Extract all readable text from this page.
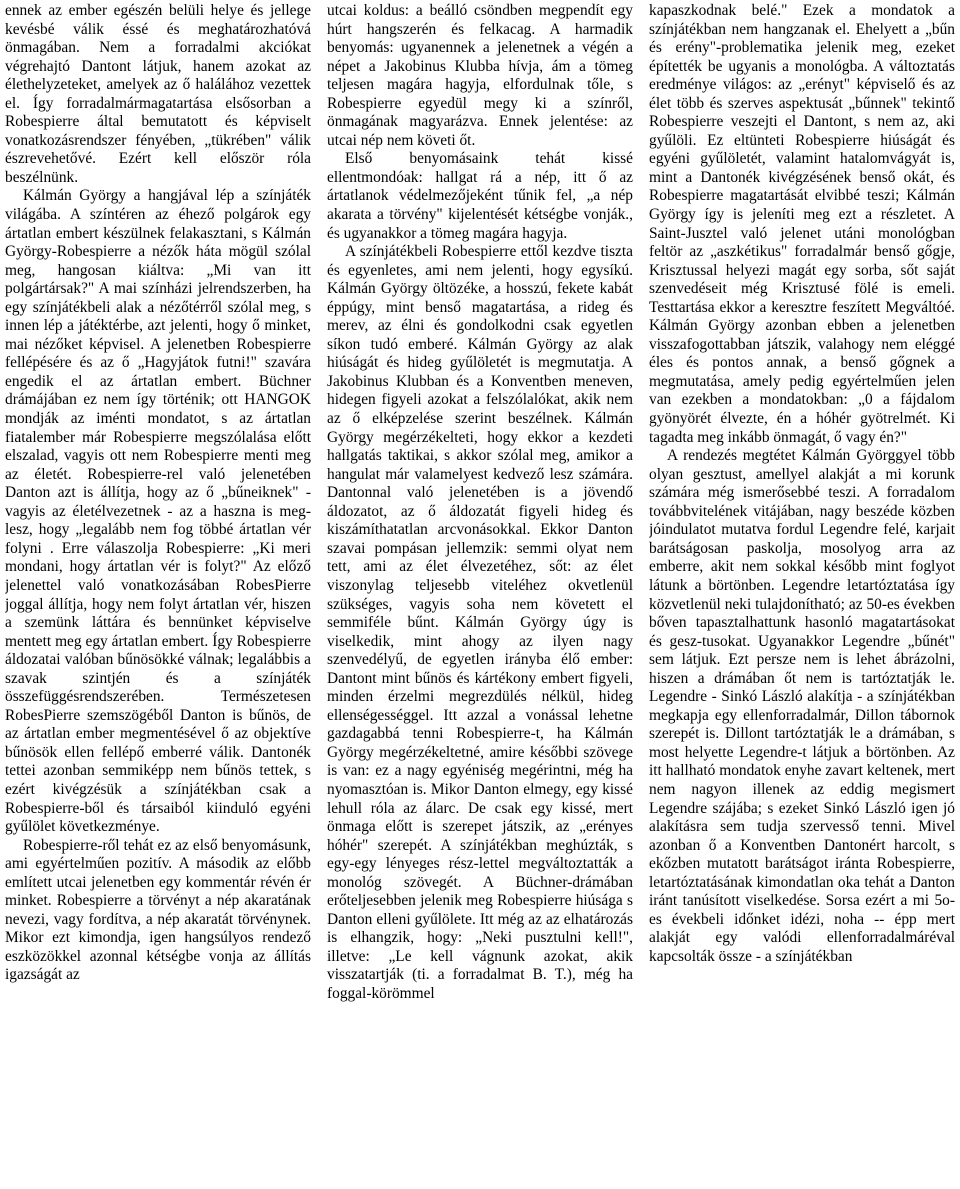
ennek az ember egészén belüli helye és jellege kevésbé válik éssé és meghatározhatóvá önmagában. Nem a forradalmi akciókat végrehajtó Dantont látjuk, hanem azokat az élethelyzeteket, amelyek az ő halálához vezettek el. Így forradalmármagatartása elsősorban a Robespierre által bemutatott és képviselt vonatkozásrendszer fényében, „tükrében" válik észrevehetővé. Ezért kell először róla beszélnünk.

Kálmán György a hangjával lép a színjáték világába. A színtéren az éhező polgárok egy ártatlan embert készülnek felakasztani, s Kálmán György-Robespierre a nézők háta mögül szólal meg, hangosan kiáltva: „Mi van itt polgártársak?" A mai színházi jelrendszerben, ha egy színjátékbeli alak a nézőtérről szólal meg, s innen lép a játéktérbe, azt jelenti, hogy ő minket, mai nézőket képvisel. A jelenetben Robespierre fellépésére és az ő „Hagyjátok futni!" szavára engedik el az ártatlan embert. Büchner drámájában ez nem így történik; ott HANGOK mondják az iménti mondatot, s az ártatlan fiatalember már Robespierre megszólalása előtt elszalad, vagyis ott nem Robespierre menti meg az életét. Robespierre-rel való jelenetében Danton azt is állítja, hogy az ő „bűneiknek" - vagyis az életélvezetnek - az a haszna is meg-lesz, hogy „legalább nem fog többé ártatlan vér folyni . Erre válaszolja Robespierre: „Ki meri mondani, hogy ártatlan vér is folyt?" Az előző jelenettel való vonatkozásában RobesPierre joggal állítja, hogy nem folyt ártatlan vér, hiszen a szemünk láttára és bennünket képviselve mentett meg egy ártatlan embert. Így Robespierre áldozatai valóban bűnösökké válnak; legalábbis a szavak szintjén és a színjáték összefüggésrendszerében. Természetesen RobesPierre szemszögéből Danton is bűnös, de az ártatlan ember megmentésével ő az objektíve bűnösök ellen fellépő emberré válik. Dantonék tettei azonban semmiképp nem bűnös tettek, s ezért kivégzésük a színjátékban csak a Robespierre-ből és társaiból kiinduló egyéni gyűlölet következménye.

Robespierre-ről tehát ez az első benyomásunk, ami egyértelműen pozitív. A második az előbb említett utcai jelenetben egy kommentár révén ér minket. Robespierre a törvényt a nép akaratának nevezi, vagy fordítva, a nép akaratát törvénynek. Mikor ezt kimondja, igen hangsúlyos rendező eszközökkel azonnal kétségbe vonja az állítás igazságát az

utcai koldus: a beálló csöndben megpendít egy húrt hangszerén és felkacag. A harmadik benyomás: ugyanennek a jelenetnek a végén a népet a Jakobinus Klubba hívja, ám a tömeg teljesen magára hagyja, elfordulnak tőle, s Robespierre egyedül megy ki a színről, önmagának magyarázva. Ennek jelentése: az utcai nép nem követi őt.

Első benyomásaink tehát kissé ellentmondóak: hallgat rá a nép, itt ő az ártatlanok védelmezőjeként tűnik fel, „a nép akarata a törvény" kijelentését kétségbe vonják., és ugyanakkor a tömeg magára hagyja.

A színjátékbeli Robespierre ettől kezdve tiszta és egyenletes, ami nem jelenti, hogy egysíkú. Kálmán György öltözéke, a hosszú, fekete kabát éppúgy, mint benső magatartása, a rideg és merev, az élni és gondolkodni csak egyetlen síkon tudó emberé. Kálmán György az alak hiúságát és hideg gyűlöletét is megmutatja. A Jakobinus Klubban és a Konventben meneven, hidegen figyeli azokat a felszólalókat, akik nem az ő elképzelése szerint beszélnek. Kálmán György megérzékelteti, hogy ekkor a kezdeti hallgatás taktikai, s akkor szólal meg, amikor a hangulat már valamelyest kedvező lesz számára. Dantonnal való jelenetében is a jövendő áldozatot, az ő áldozatát figyeli hideg és kiszámíthatatlan arcvonásokkal. Ekkor Danton szavai pompásan jellemzik: semmi olyat nem tett, ami az élet élvezetéhez, sőt: az élet viszonylag teljesebb viteléhez okvetlenül szükséges, vagyis soha nem követett el semmiféle bűnt. Kálmán György úgy is viselkedik, mint ahogy az ilyen nagy szenvedélyű, de egyetlen irányba élő ember: Dantont mint bűnös és kártékony embert figyeli, minden érzelmi megrezdülés nélkül, hideg ellenségességgel. Itt azzal a vonással lehetne gazdagabbá tenni Robespierre-t, ha Kálmán György megérzékeltetné, amire későbbi szövege is van: ez a nagy egyéniség megérintni, még ha nyomasztóan is. Mikor Danton elmegy, egy kissé lehull róla az álarc. De csak egy kissé, mert önmaga előtt is szerepet játszik, az „erényes hóhér" szerepét. A színjátékban meghúzták, s egy-egy lényeges rész-lettel megváltoztatták a monológ szövegét. A Büchner-drámában erőteljesebben jelenik meg Robespierre hiúsága s Danton elleni gyűlölete. Itt még az az elhatározás is elhangzik, hogy: „Neki pusztulni kell!", illetve: „Le kell vágnunk azokat, akik visszatartják (ti. a forradalmat B. T.), még ha foggal-körömmel

kapaszkodnak belé." Ezek a mondatok a színjátékban nem hangzanak el. Ehelyett a „bűn és erény"-problematika jelenik meg, ezeket építették be ugyanis a monológba. A változtatás eredménye világos: az „erényt" képviselő és az élet több és szerves aspektusát „bűnnek" tekintő Robespierre veszejti el Dantont, s nem az, aki gyűlöli. Ez eltünteti Robespierre hiúságát és egyéni gyűlöletét, valamint hatalomvágyát is, mint a Dantonék kivégzésének benső okát, és Robespierre magatartását elvibbé teszi; Kálmán György így is jeleníti meg ezt a részletet. A Saint-Jusztel való jelenet utáni monológban feltör az „aszkétikus" forradalmár benső gőgje, Krisztussal helyezi magát egy sorba, sőt saját szenvedéseit még Krisztusé fölé is emeli. Testtartása ekkor a keresztre feszített Megváltóé. Kálmán György azonban ebben a jelenetben visszafogottabban játszik, valahogy nem eléggé éles és pontos annak, a benső gőgnek a megmutatása, amely pedig egyértelműen jelen van ezekben a mondatokban: „0 a fájdalom gyönyörét élvezte, én a hóhér gyötrelmét. Ki tagadta meg inkább önmagát, ő vagy én?"

A rendezés megtétet Kálmán Györggyel több olyan gesztust, amellyel alakját a mi korunk számára még ismerősebbé teszi. A forradalom továbbvitelének vitájában, nagy beszéde közben jóindulatot mutatva fordul Legendre felé, karjait barátságosan paskolja, mosolyog arra az emberre, akit nem sokkal később mint foglyot látunk a börtönben. Legendre letartóztatása így közvetlenül neki tulajdonítható; az 50-es években bőven tapasztalhattunk hasonló magatartásokat és gesz-tusokat. Ugyanakkor Legendre „bűnét" sem látjuk. Ezt persze nem is lehet ábrázolni, hiszen a drámában őt nem is tartóztatják le. Legendre - Sinkó László alakítja - a színjátékban megkapja egy ellenforradalmár, Dillon tábornok szerepét is. Dillont tartóztatják le a drámában, s most helyette Legendre-t látjuk a börtönben. Az itt hallható mondatok enyhe zavart keltenek, mert nem nagyon illenek az eddig megismert Legendre szájába; s ezeket Sinkó László igen jó alakításra sem tudja szervesső tenni. Mivel azonban ő a Konventben Dantonért harcolt, s ekőzben mutatott barátságot iránta Robespierre, letartóztatásának kimondatlan oka tehát a Danton iránt tanúsított viselkedése. Sorsa ezért a mi 5o-es évekbeli időnket idézi, noha -- épp mert alakját egy valódi ellenforradalmáréval kapcsolták össze - a színjátékban
